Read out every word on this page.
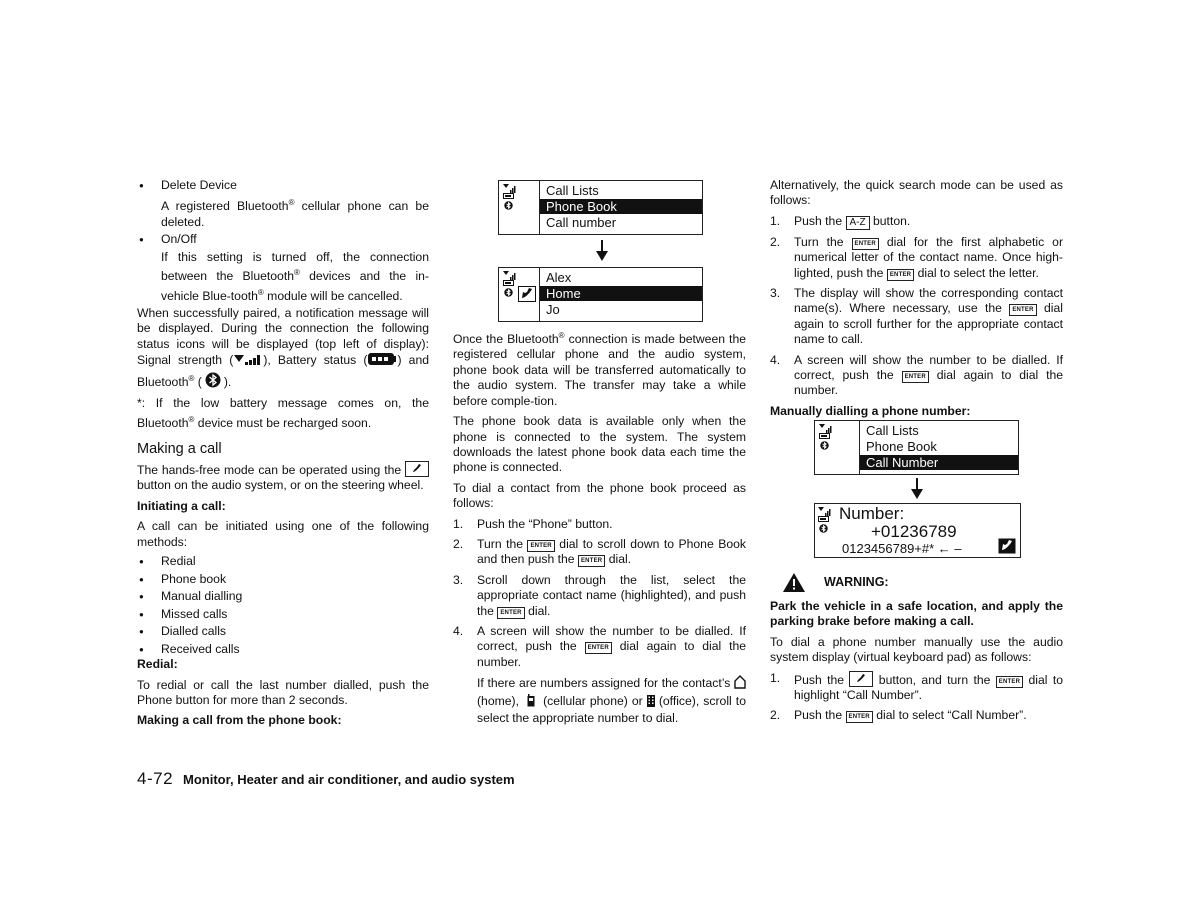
● Delete Device

A registered Bluetooth® cellular phone can be deleted.

● On/Off

If this setting is turned off, the connection between the Bluetooth® devices and the in-vehicle Blue-tooth® module will be cancelled.

When successfully paired, a notification message will be displayed. During the connection the following status icons will be displayed (top left of display): Signal strength ( ), Battery status ( ) and Bluetooth® ( ).

*: If the low battery message comes on, the Bluetooth® device must be recharged soon.

Making a call

The hands-free mode can be operated using the
button on the audio system, or on the steering wheel.

Initiating a call:

A call can be initiated using one of the following methods:

● Redial

● Phone book

● Manual dialling

● Missed calls

● Dialled calls

● Received calls

Redial:

To redial or call the last number dialled, push the Phone button for more than 2 seconds.

Making a call from the phone book:

Call Lists
Phone Book
Call number
Alex
Home
Jo

Once the Bluetooth® connection is made between the registered cellular phone and the audio system, phone book data will be transferred automatically to the audio system. The transfer may take a while before comple-tion.

The phone book data is available only when the phone is connected to the system. The system downloads the latest phone book data each time the phone is connected.

To dial a contact from the phone book proceed as follows:

1. Push the “Phone” button.

2. Turn the ENTER dial to scroll down to Phone Book and then push the ENTER dial.

3. Scroll down through the list, select the appropriate contact name (highlighted), and push the ENTER dial.

4. A screen will show the number to be dialled. If correct, push the ENTER dial again to dial the number.

If there are numbers assigned for the contact’s  (home), (cellular phone) or (office), scroll to select the appropriate number to dial.

Alternatively, the quick search mode can be used as follows:

1. Push the A-Z button.

2. Turn the ENTER dial for the first alphabetic or numerical letter of the contact name. Once high-lighted, push the ENTER dial to select the letter.

3. The display will show the corresponding contact name(s). Where necessary, use the ENTER dial again to scroll further for the appropriate contact name to call.

4. A screen will show the number to be dialled. If correct, push the ENTER dial again to dial the number.

Manually dialling a phone number:

Call Lists
Phone Book
Call Number
Number:
+01236789
0123456789+#* ← –

WARNING:

Park the vehicle in a safe location, and apply the parking brake before making a call.

To dial a phone number manually use the audio system display (virtual keyboard pad) as follows:

1. Push the	button, and turn the ENTER dial to highlight “Call Number”.

2. Push the ENTER dial to select “Call Number”.

4-72 Monitor, Heater and air conditioner, and audio system
